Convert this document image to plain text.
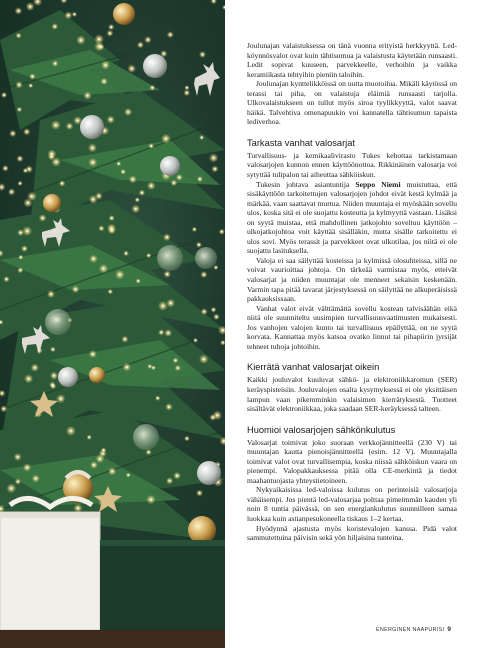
Joulunajan valaistuksessa on tänä vuonna erityistä herkkyyttä. Led-köynnösvalot ovat kuin tähtisumua ja valaistusta käytetään runsaasti. Ledit sopivat kuuseen, parvekkeelle, verhoihin ja vaikka keramiikasta tehtyihin pieniin taloihin.

Joulunajan kynttelikköissä on uutta muotoilua. Mikäli käytössä on terassi tai piha, on valaistuja eläimiä runsaasti tarjolla. Ulkovalaistukseen on tullut myös siroa tyylikkyyttä, valot saavat häikä. Talvehtiva omenapuukin voi kannatella tähtisumun tapaista lediverhoa.

Tarkasta vanhat valosarjat

Turvallisuus- ja kemikaalivirasto Tukes kehottaa tarkistamaan valosarjojen kunnon ennen käyttöönottoa. Rikkinäinen valosarja voi sytyttää tulipalon tai aiheuttaa sähköiskun.

Tukesin johtava asiantuntija Seppo Niemi muistuttaa, että sisäkäyttöön tarkoitettujen valosarjojen johdot eivät kestä kylmää ja märkää, vaan saattavat murtua. Niiden muuntaja ei myöskään sovellu ulos, koska sitä ei ole suojattu kosteutta ja kylmyyttä vastaan. Lisäksi on syytä muistaa, että mahdollinen jatkojohto soveltuu käyttöön – ulkojatkojohtoa voit käyttää sisälläkin, mutta sisälle tarkoitettu ei ulos sovi. Myös terassit ja parvekkeet ovat ulkotilaa, jos niitä ei ole suojattu lasituksella.

Valoja ei saa säilyttää kosteissa ja kylmissä olosuhteissa, sillä ne voivat vaurioittaa johtoja. On tärkeää varmistaa myös, etteivät valosarjat ja niiden muuntajat ole menneet sekaisin keskenään. Varmin tapa pitää tavarat järjestyksessä on säilyttää ne alkuperäisissä pakkauksissaan.

Vanhat valot eivät välttämättä sovellu kostean talvisäähän eikä niitä ole suunniteltu uusimpien turvallisuusvaatimusten mukaisesti. Jos vanhojen valojen kunto tai turvallisuus epäilyttää, on ne syytä korvata. Kannattaa myös katsoa ovatko linnut tai pihapiirin jyrsijät tehneet tuhoja johtoihin.

Kierrätä vanhat valosarjat oikein

Kaikki jouluvalot kuuluvat sähkö- ja elektroniikkaromun (SER) keräyspisteisiin. Jouluvalojen osalta kysymyksessä ei ole yksittäisen lampun vaan pikemminkin valaisimen kierrätyksestä. Tuotteet sisältävät elektroniikkaa, joka saadaan SER-keräyksessä talteen.

Huomioi valosarjojen sähkönkulutus

Valosarjat toimivat joko suoraan verkkojännitteellä (230 V) tai muuntajan kautta pienoisjännitteellä (esim. 12 V). Muuntajalla toimivat valot ovat turvallisempia, koska niissä sähköiskun vaara on pienempi. Valopakkauksessa pitää olla CE-merkintä ja tiedot maahantuojasta yhteystietoineen.

Nykyaikaisissa led-valoissa kulutus on perinteisiä valosarjoja vähäisempi. Jos pientä led-valosarjaa polttaa pimeimmän kauden yli noin 8 tuntia päivässä, on sen energiankulutus suunnilleen samaa luokkaa kuin astianpesukoneella tiskaus 1–2 kertaa.

Hyödynnä ajastusta myös koristevalojen kanssa. Pidä valot sammutettuina päivisin sekä yön hiljaisina tunteina.

ENERGINEN NAAPURISI 9
